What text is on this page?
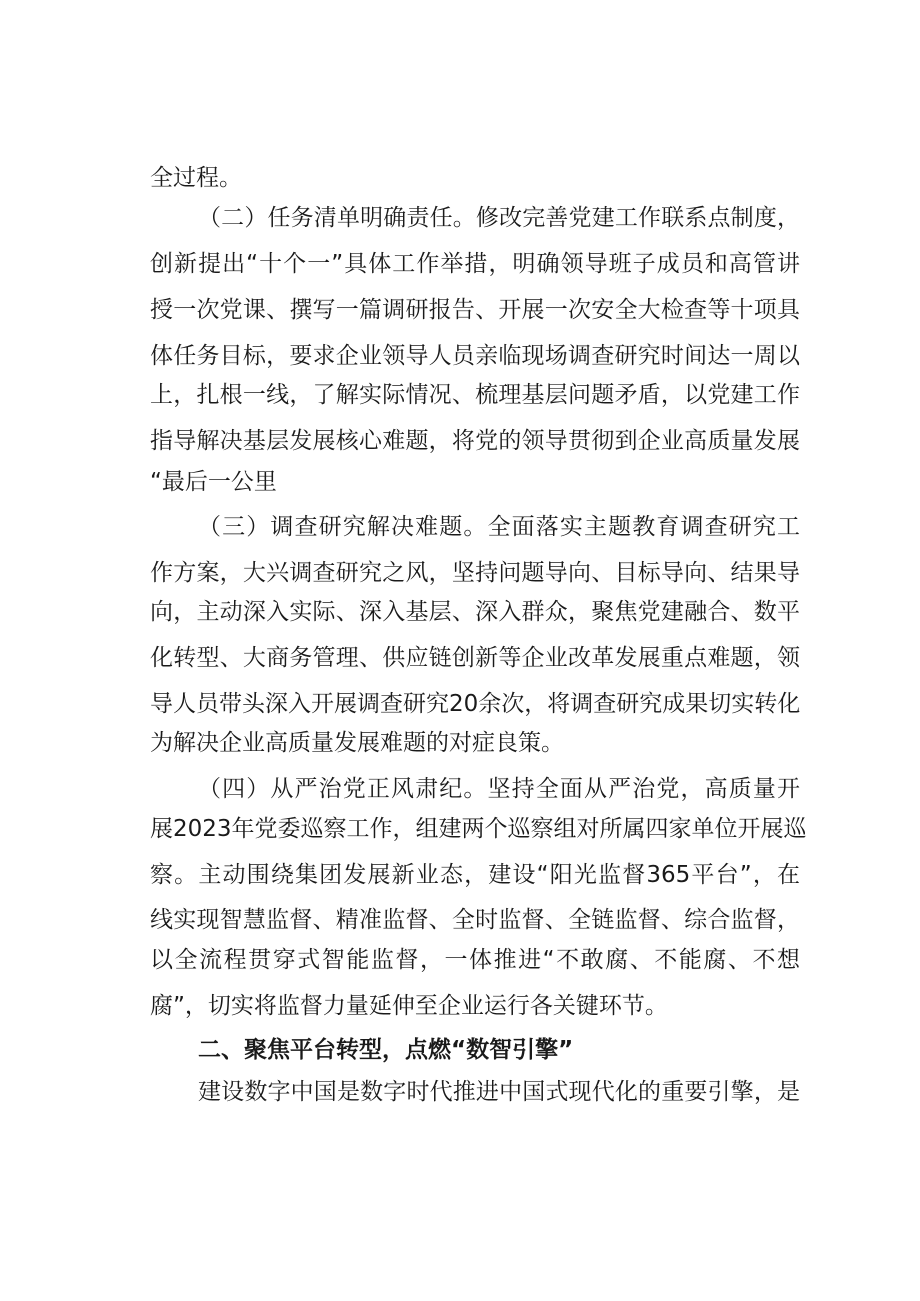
全过程。

（二）任务清单明确责任。修改完善党建工作联系点制度，

创新提出“十个一”具体工作举措，明确领导班子成员和高管讲

授一次党课、撰写一篇调研报告、开展一次安全大检查等十项具

体任务目标，要求企业领导人员亲临现场调查研究时间达一周以

上，扎根一线，了解实际情况、梳理基层问题矛盾，以党建工作

指导解决基层发展核心难题，将党的领导贯彻到企业高质量发展

“最后一公里

（三）调查研究解决难题。全面落实主题教育调查研究工

作方案，大兴调查研究之风，坚持问题导向、目标导向、结果导

向，主动深入实际、深入基层、深入群众，聚焦党建融合、数平

化转型、大商务管理、供应链创新等企业改革发展重点难题，领

导人员带头深入开展调查研究20余次，将调查研究成果切实转化

为解决企业高质量发展难题的对症良策。

（四）从严治党正风肃纪。坚持全面从严治党，高质量开

展2023年党委巡察工作，组建两个巡察组对所属四家单位开展巡

察。主动围绕集团发展新业态，建设“阳光监督365平台”，在

线实现智慧监督、精准监督、全时监督、全链监督、综合监督，

以全流程贯穿式智能监督，一体推进“不敢腐、不能腐、不想

腐”，切实将监督力量延伸至企业运行各关键环节。

二、聚焦平台转型，点燃“数智引擎”

建设数字中国是数字时代推进中国式现代化的重要引擎，是
